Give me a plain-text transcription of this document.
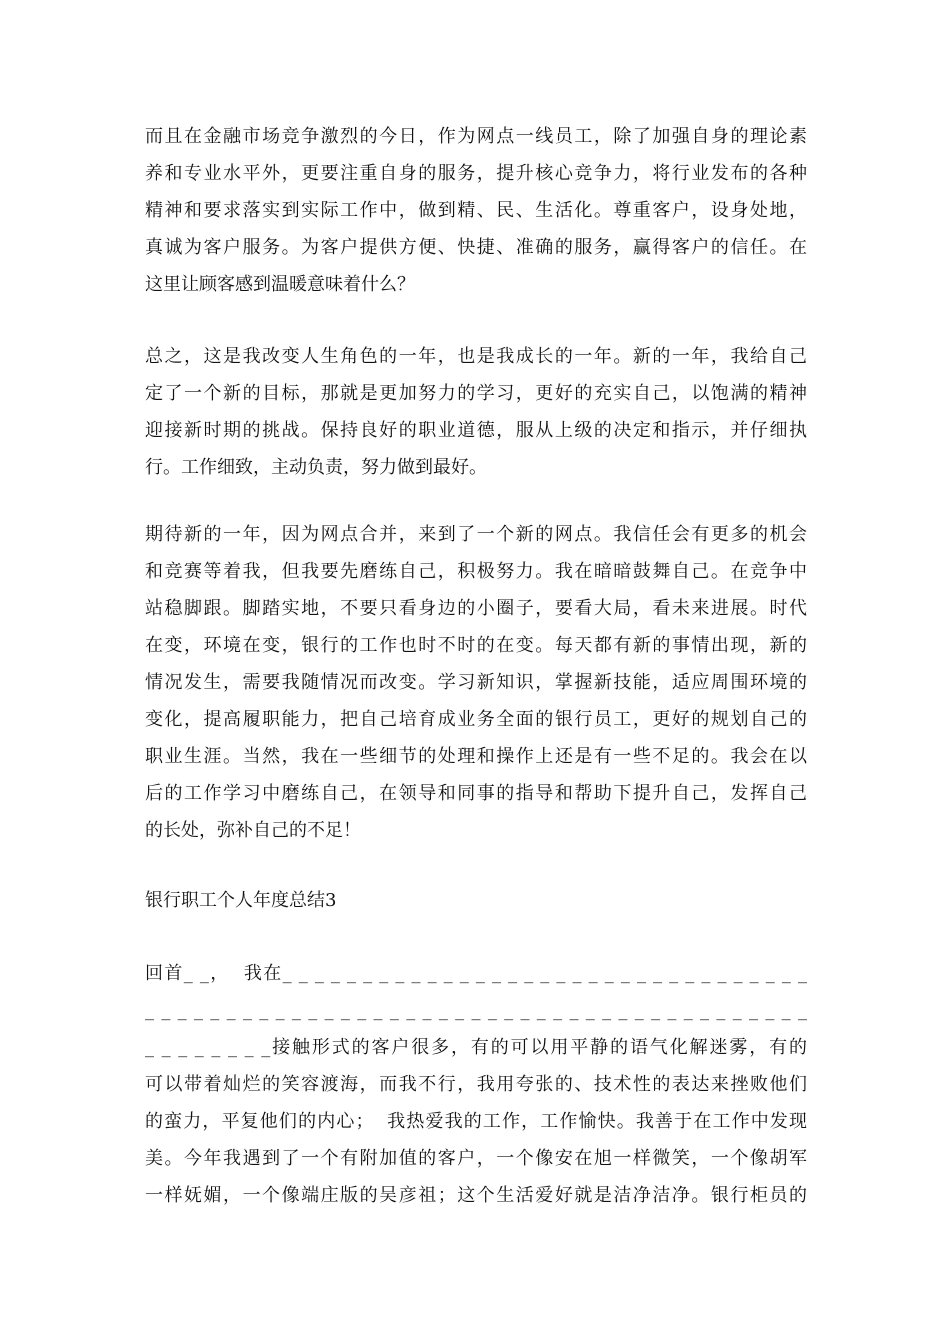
而且在金融市场竞争激烈的今日，作为网点一线员工，除了加强自身的理论素
养和专业水平外，更要注重自身的服务，提升核心竞争力，将行业发布的各种
精神和要求落实到实际工作中，做到精、民、生活化。尊重客户，设身处地，
真诚为客户服务。为客户提供方便、快捷、准确的服务，赢得客户的信任。在
这里让顾客感到温暖意味着什么？
总之，这是我改变人生角色的一年，也是我成长的一年。新的一年，我给自己
定了一个新的目标，那就是更加努力的学习，更好的充实自己，以饱满的精神
迎接新时期的挑战。保持良好的职业道德，服从上级的决定和指示，并仔细执
行。工作细致，主动负责，努力做到最好。
期待新的一年，因为网点合并，来到了一个新的网点。我信任会有更多的机会
和竞赛等着我，但我要先磨练自己，积极努力。我在暗暗鼓舞自己。在竞争中
站稳脚跟。脚踏实地，不要只看身边的小圈子，要看大局，看未来进展。时代
在变，环境在变，银行的工作也时不时的在变。每天都有新的事情出现，新的
情况发生，需要我随情况而改变。学习新知识，掌握新技能，适应周围环境的
变化，提高履职能力，把自己培育成业务全面的银行员工，更好的规划自己的
职业生涯。当然，我在一些细节的处理和操作上还是有一些不足的。我会在以
后的工作学习中磨练自己，在领导和同事的指导和帮助下提升自己，发挥自己
的长处，弥补自己的不足！
银行职工个人年度总结3
回首_ _，  我在_ _ _ _ _ _ _ _ _ _ _ _ _ _ _ _ _ _ _ _ _ _ _ _ _ _ _ _ _ _ _ _ _
_ _ _ _ _ _ _ _ _ _ _ _ _ _ _ _ _ _ _ _ _ _ _ _ _ _ _ _ _ _ _ _ _ _ _ _ _ _ _ _ _
_ _ _ _ _ _ _ _接触形式的客户很多，有的可以用平静的语气化解迷雾，有的
可以带着灿烂的笑容渡海，而我不行，我用夸张的、技术性的表达来挫败他们
的蛮力，平复他们的内心；  我热爱我的工作，工作愉快。我善于在工作中发现
美。今年我遇到了一个有附加值的客户，一个像安在旭一样微笑，一个像胡军
一样妩媚，一个像端庄版的吴彦祖；这个生活爱好就是洁净洁净。银行柜员的
